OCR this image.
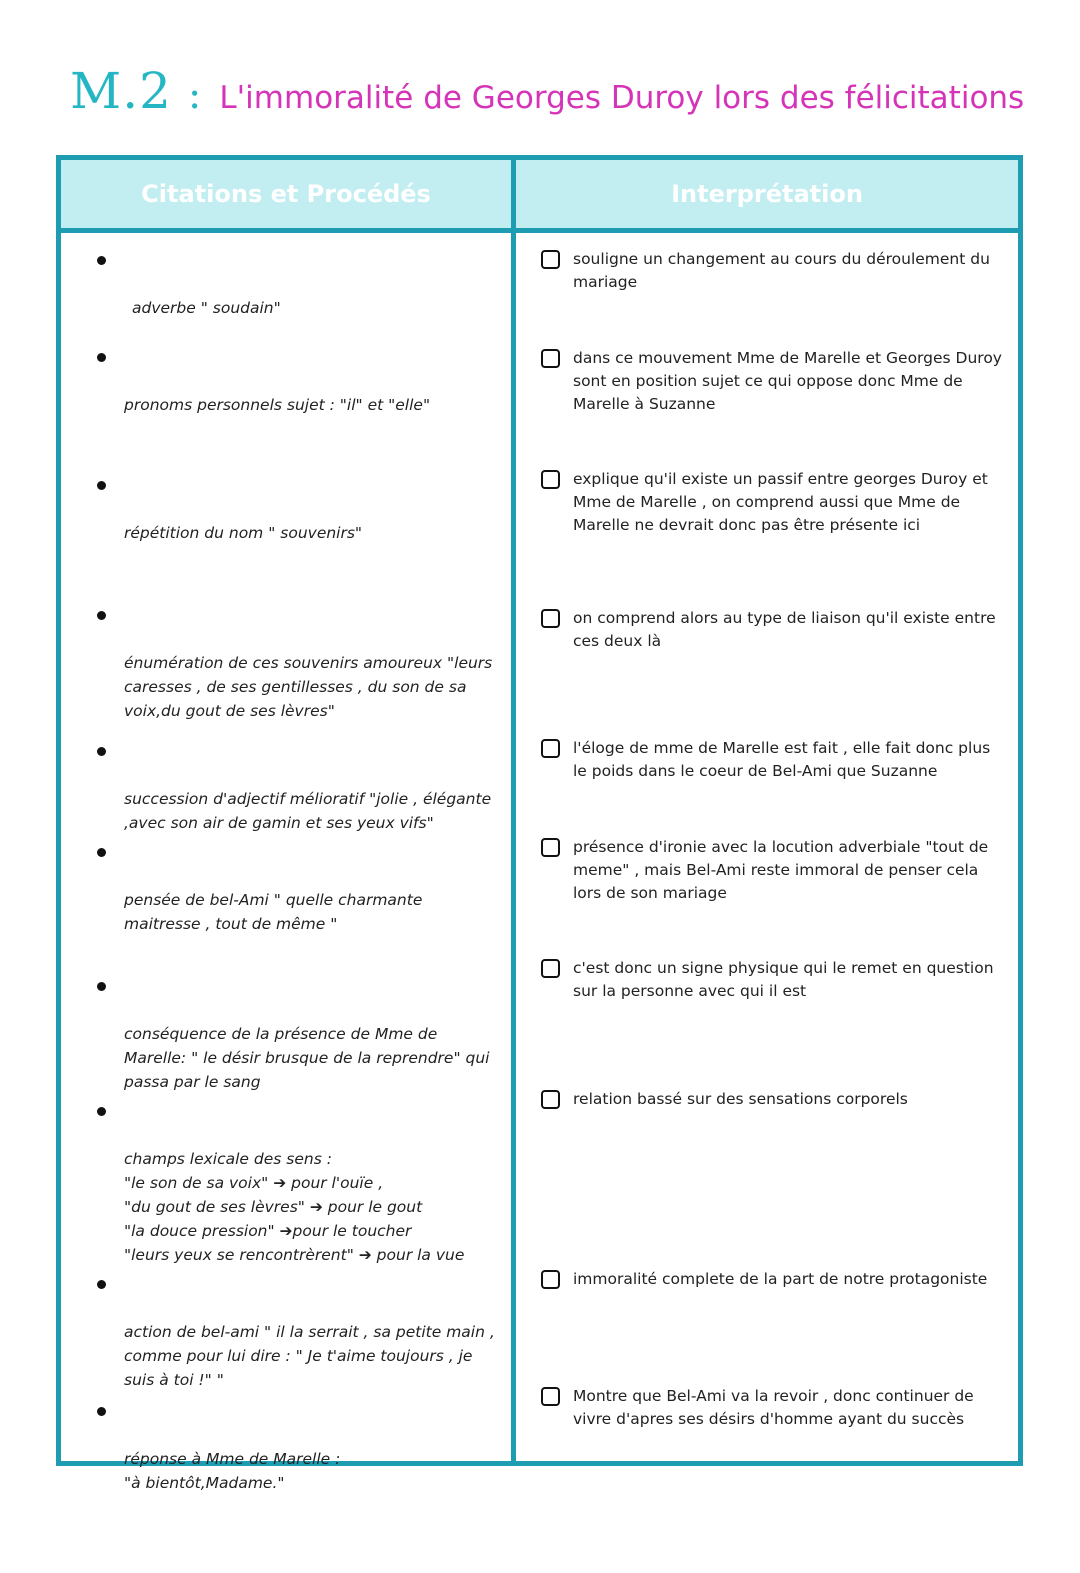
M.2 : L'immoralité de Georges Duroy lors des félicitations
Citations et Procédés	Interprétation

adverbe " soudain"

pronoms personnels sujet : "il" et "elle"

répétition du nom " souvenirs"

énumération de ces souvenirs amoureux "leurs caresses , de ses gentillesses , du son de sa voix,du gout de ses lèvres"

succession d'adjectif mélioratif "jolie , élégante ,avec son air de gamin et ses yeux vifs"

pensée de bel-Ami " quelle charmante maitresse , tout de même "

conséquence de la présence de Mme de Marelle: " le désir brusque de la reprendre" qui passa par le sang

champs lexicale des sens :
"le son de sa voix" ➔ pour l'ouïe ,
"du gout de ses lèvres" ➔ pour le gout
"la douce pression" ➔pour le toucher
"leurs yeux se rencontrèrent" ➔ pour la vue

action de bel-ami " il la serrait , sa petite main , comme pour lui dire : " Je t'aime toujours , je suis à toi !" "

réponse à Mme de Marelle :
"à bientôt,Madame."

souligne un changement au cours du déroulement du mariage
dans ce mouvement Mme de Marelle et Georges Duroy sont en position sujet ce qui oppose donc Mme de Marelle à Suzanne
explique qu'il existe un passif entre georges Duroy et Mme de Marelle , on comprend aussi que Mme de Marelle ne devrait donc pas être présente ici
on comprend alors au type de liaison qu'il existe entre ces deux là
l'éloge de mme de Marelle est fait , elle fait donc plus le poids dans le coeur de Bel-Ami que Suzanne
présence d'ironie avec la locution adverbiale "tout de meme" , mais Bel-Ami reste immoral de penser cela lors de son mariage
c'est donc un signe physique qui le remet en question sur la personne avec qui il est
relation bassé sur des sensations corporels
immoralité complete de la part de notre protagoniste
Montre que Bel-Ami va la revoir , donc continuer de vivre d'apres ses désirs d'homme ayant du succès
